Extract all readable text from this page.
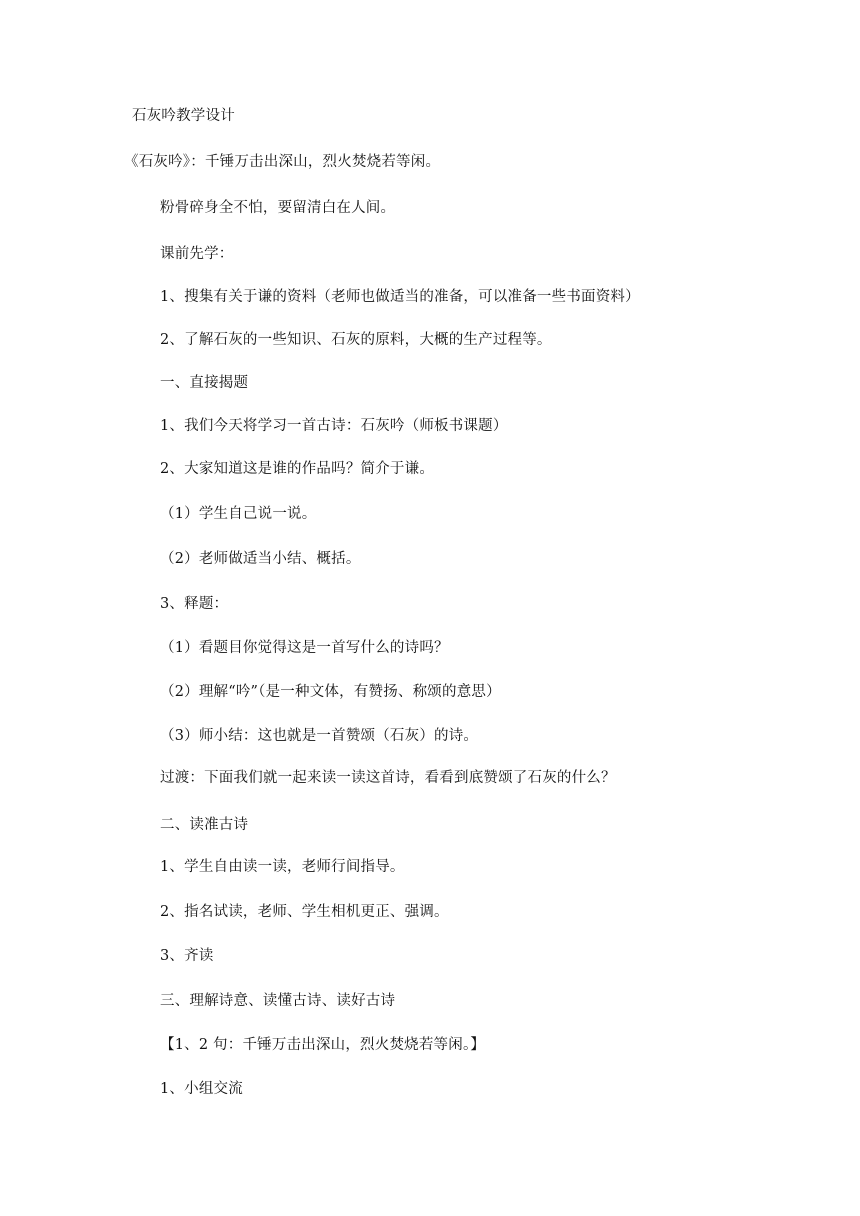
石灰吟教学设计
《石灰吟》：千锤万击出深山，烈火焚烧若等闲。
粉骨碎身全不怕，要留清白在人间。
课前先学：
1、搜集有关于谦的资料（老师也做适当的准备，可以准备一些书面资料）
2、了解石灰的一些知识、石灰的原料，大概的生产过程等。
一、直接揭题
1、我们今天将学习一首古诗：石灰吟（师板书课题）
2、大家知道这是谁的作品吗？简介于谦。
（1）学生自己说一说。
（2）老师做适当小结、概括。
3、释题：
（1）看题目你觉得这是一首写什么的诗吗？
（2）理解“吟”（是一种文体，有赞扬、称颂的意思）
（3）师小结：这也就是一首赞颂（石灰）的诗。
过渡：下面我们就一起来读一读这首诗，看看到底赞颂了石灰的什么？
二、读准古诗
1、学生自由读一读，老师行间指导。
2、指名试读，老师、学生相机更正、强调。
3、齐读
三、理解诗意、读懂古诗、读好古诗
【1、2 句：千锤万击出深山，烈火焚烧若等闲。】
1、小组交流
